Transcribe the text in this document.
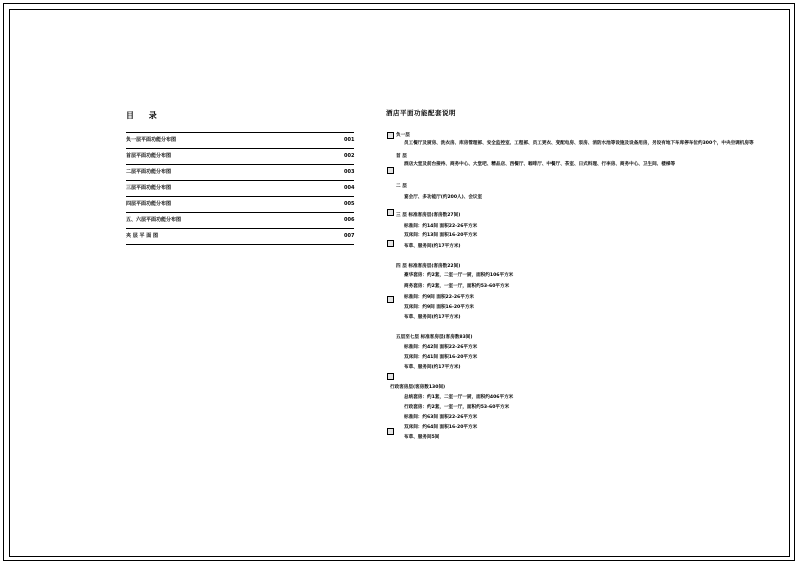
目 录
负一层平面功能分布图	001
首层平面功能分布图	002
二层平面功能分布图	003
三层平面功能分布图	004
四层平面功能分布图	005
五、六层平面功能分布图	006
夹 层 平 面 图	007
酒店平面功能配套说明
负一层
员工餐厅及厨房、洗衣房、库房管理部、安全监控室、工程部、员工更衣、变配电房、泵房、消防水池等设施及设备用房，另设有地下车库停车位约300个，中央空调机房等
首 层
酒店大堂及前台接待、商务中心、大堂吧、精品店、西餐厅、咖啡厅、中餐厅、茶室、日式料理、行李房、商务中心、卫生间、楼梯等
二 层
宴会厅、多功能厅(约200人)、会议室
三 层 标准客房层(客房数27间)
标准间：约14间 面积22-26平方米
双床间：约13间 面积16-20平方米
布草、服务间(约17平方米)
四 层 标准客房层(客房数22间)
豪华套房：约2套，二室一厅一厨，面积约106平方米
商务套房：约2套，一室一厅，面积约53-60平方米
标准间：约9间 面积22-26平方米
双床间：约9间 面积16-20平方米
布草、服务间(约17平方米)
五层至七层 标准客房层(客房数83间)
标准间：约42间 面积22-26平方米
双床间：约41间 面积16-20平方米
布草、服务间(约17平方米)
行政客房层(客房数130间)
总统套房：约1套，二室一厅一厨，面积约406平方米
行政套房：约2套，一室一厅，面积约53-60平方米
标准间：约63间 面积22-26平方米
双床间：约64间 面积16-20平方米
布草、服务间5间
